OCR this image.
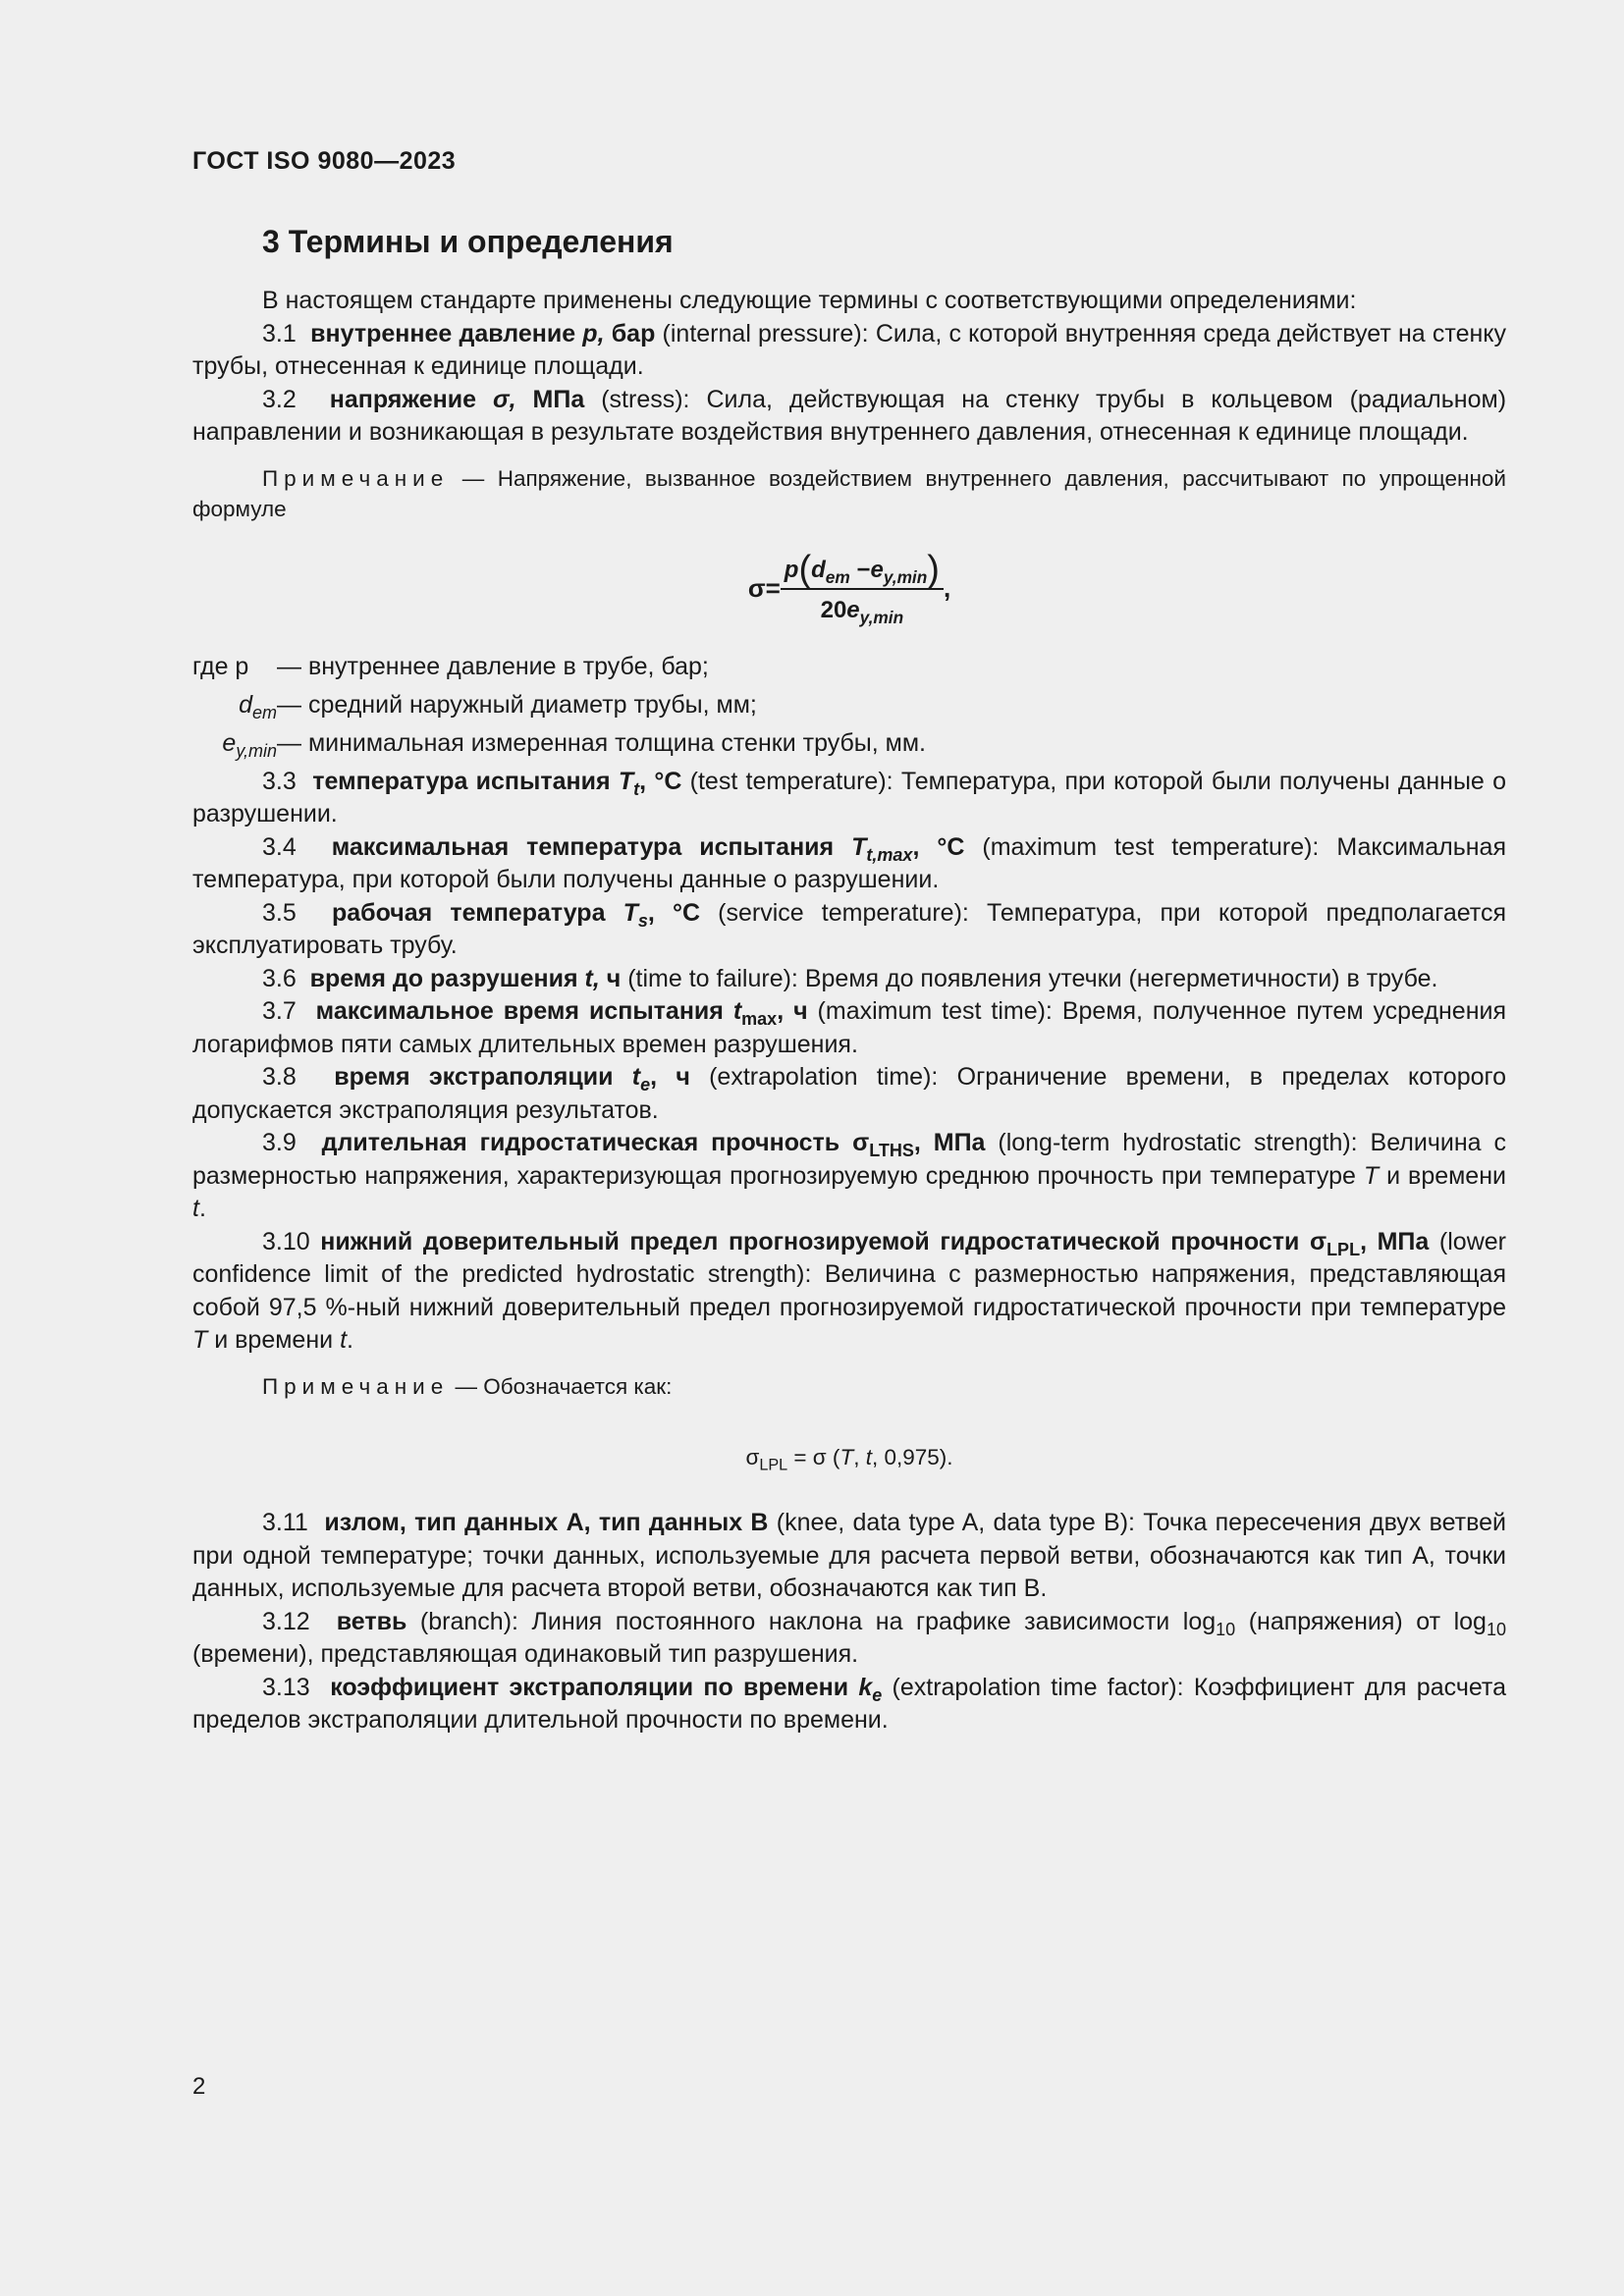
ГОСТ ISO 9080—2023
3 Термины и определения

В настоящем стандарте применены следующие термины с соответствующими определениями:

3.1 внутреннее давление p, бар (internal pressure): Сила, с которой внутренняя среда действует на стенку трубы, отнесенная к единице площади.

3.2 напряжение σ, МПа (stress): Сила, действующая на стенку трубы в кольцевом (радиальном) направлении и возникающая в результате воздействия внутреннего давления, отнесенная к единице площади.

Примечание — Напряжение, вызванное воздействием внутреннего давления, рассчитывают по упрощенной формуле

$\sigma= \frac{p(d_{em} -e_{y,min})}{20e_{y,min}}$ ,
где p	— внутреннее давление в трубе, бар;
$d_{em}$ — средний наружный диаметр трубы, мм;
$e_{y,min}$ — минимальная измеренная толщина стенки трубы, мм.

3.3 температура испытания $T_t$, °C (test temperature): Температура, при которой были получены данные о разрушении.

3.4 максимальная температура испытания $T_{t,max}$, °C (maximum test temperature): Максимальная температура, при которой были получены данные о разрушении.

3.5 рабочая температура $T_s$, °C (service temperature): Температура, при которой предполагается эксплуатировать трубу.

3.6 время до разрушения t, ч (time to failure): Время до появления утечки (негерметичности) в трубе.

3.7 максимальное время испытания $t_{max}$, ч (maximum test time): Время, полученное путем усреднения логарифмов пяти самых длительных времен разрушения.

3.8 время экстраполяции $t_e$, ч (extrapolation time): Ограничение времени, в пределах которого допускается экстраполяция результатов.

3.9 длительная гидростатическая прочность $\sigma_{LTHS}$, МПа (long-term hydrostatic strength): Величина с размерностью напряжения, характеризующая прогнозируемую среднюю прочность при температуре T и времени t.

3.10 нижний доверительный предел прогнозируемой гидростатической прочности $\sigma_{LPL}$, МПа (lower confidence limit of the predicted hydrostatic strength): Величина с размерностью напряжения, представляющая собой 97,5 %-ный нижний доверительный предел прогнозируемой гидростатической прочности при температуре T и времени t.

Примечание — Обозначается как:

$\sigma_{LPL} = \sigma$ (T, t, 0,975).

3.11 излом, тип данных А, тип данных В (knee, data type A, data type B): Точка пересечения двух ветвей при одной температуре; точки данных, используемые для расчета первой ветви, обозначаются как тип А, точки данных, используемые для расчета второй ветви, обозначаются как тип В.

3.12 ветвь (branch): Линия постоянного наклона на графике зависимости $\log_{10}$ (напряжения) от $\log_{10}$ (времени), представляющая одинаковый тип разрушения.

3.13 коэффициент экстраполяции по времени $k_e$ (extrapolation time factor): Коэффициент для расчета пределов экстраполяции длительной прочности по времени.

2
